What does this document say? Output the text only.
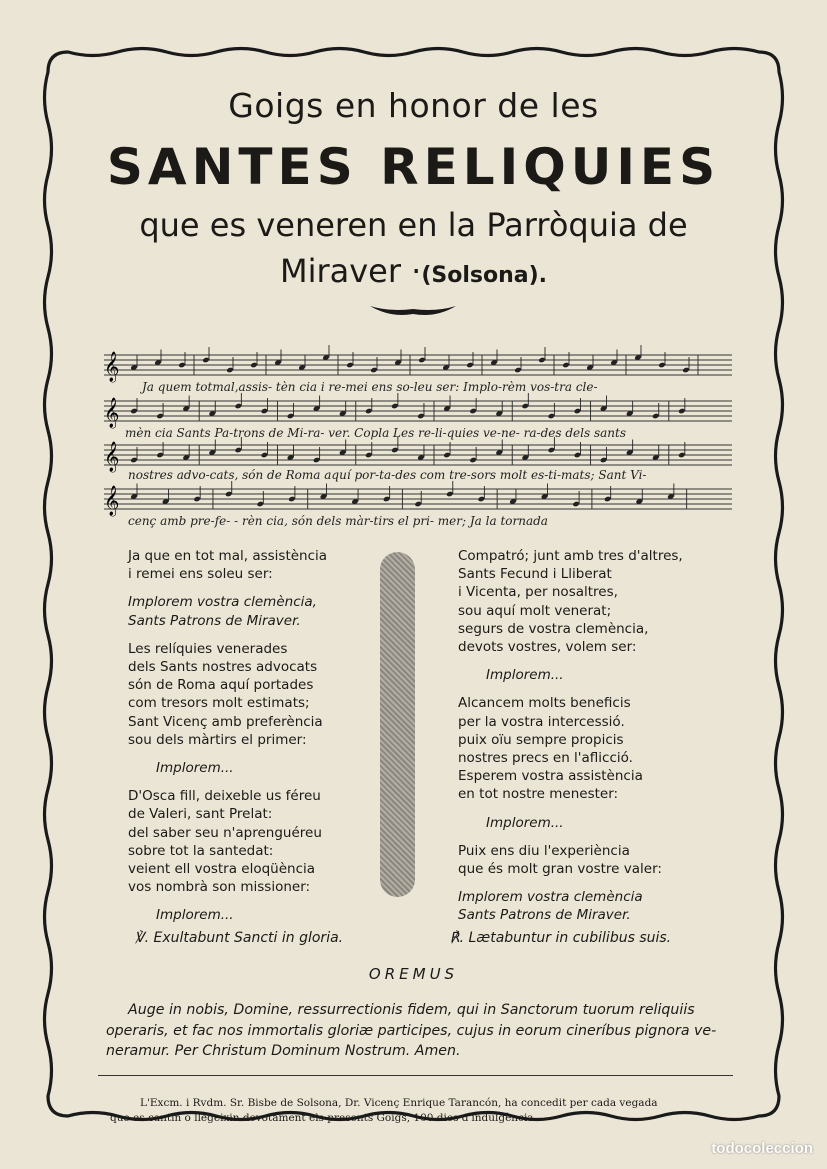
Goigs en honor de les
SANTES RELIQUIES
que es veneren en la Parròquia de
Miraver ·(Solsona).
𝄞
𝄞
𝄞
𝄞
Ja quem totmal,assis- tèn cia i re-mei ens so-leu ser: Implo-rèm vos-tra cle-
mèn cia Sants Pa-trons de Mi-ra- ver. Copla Les re-li-quies ve-ne- ra-des dels sants
nostres advo-cats, són de Roma aquí por-ta-des com tre-sors molt es-ti-mats; Sant Vi-
cenç amb pre-fe- - rèn cia, són dels màr-tirs el pri- mer; Ja la tornada

Ja que en tot mal, assistència

i remei ens soleu ser:

Implorem vostra clemència,

Sants Patrons de Miraver.

Les relíquies venerades

dels Sants nostres advocats

són de Roma aquí portades

com tresors molt estimats;

Sant Vicenç amb preferència

sou dels màrtirs el primer:

Implorem...

D'Osca fill, deixeble us féreu

de Valeri, sant Prelat:

del saber seu n'aprenguéreu

sobre tot la santedat:

veient ell vostra eloqüència

vos nombrà son missioner:

Implorem...

Compatró; junt amb tres d'altres,

Sants Fecund i Lliberat

i Vicenta, per nosaltres,

sou aquí molt venerat;

segurs de vostra clemència,

devots vostres, volem ser:

Implorem...

Alcancem molts beneficis

per la vostra intercessió.

puix oïu sempre propicis

nostres precs en l'aflicció.

Esperem vostra assistència

en tot nostre menester:

Implorem...

Puix ens diu l'experiència

que és molt gran vostre valer:

Implorem vostra clemència

Sants Patrons de Miraver.

℣. Exultabunt Sancti in gloria.	℟. Lætabuntur in cubilibus suis.
OREMUS
Auge in nobis, Domine, ressurrectionis fidem, qui in Sanctorum tuorum reliquiis
operaris, et fac nos immortalis gloriæ participes, cujus in eorum cineríbus pignora ve-
neramur. Per Christum Dominum Nostrum. Amen.
L'Excm. i Rvdm. Sr. Bisbe de Solsona, Dr. Vicenç Enrique Tarancón, ha concedit per cada vegada
que es cantin o llegeixin devotament els presents Goigs, 100 dies d'indulgència.
todocoleccion
